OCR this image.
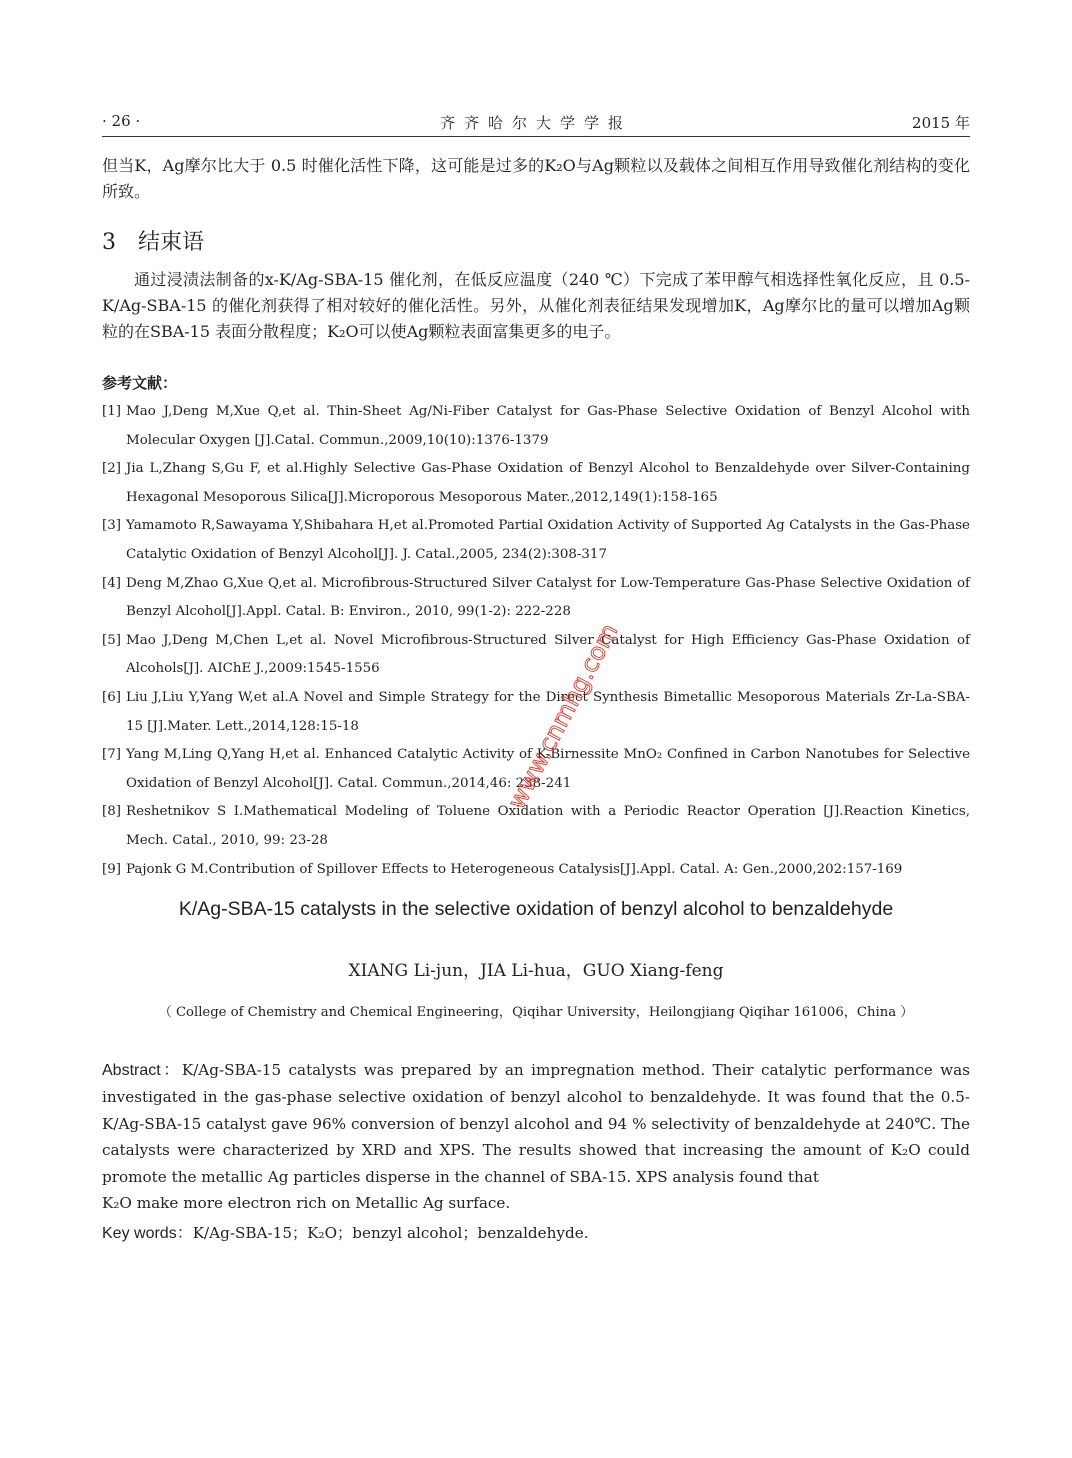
· 26 ·	齐齐哈尔大学学报	2015 年

但当K，Ag摩尔比大于 0.5 时催化活性下降，这可能是过多的K₂O与Ag颗粒以及载体之间相互作用导致催化剂结构的变化所致。

3 结束语

通过浸渍法制备的x-K/Ag-SBA-15 催化剂，在低反应温度（240 ℃）下完成了苯甲醇气相选择性氧化反应，且 0.5-K/Ag-SBA-15 的催化剂获得了相对较好的催化活性。另外，从催化剂表征结果发现增加K，Ag摩尔比的量可以增加Ag颗粒的在SBA-15 表面分散程度；K₂O可以使Ag颗粒表面富集更多的电子。

参考文献：
[1] Mao J,Deng M,Xue Q,et al. Thin-Sheet Ag/Ni-Fiber Catalyst for Gas-Phase Selective Oxidation of Benzyl Alcohol with Molecular Oxygen [J].Catal. Commun.,2009,10(10):1376-1379
[2] Jia L,Zhang S,Gu F, et al.Highly Selective Gas-Phase Oxidation of Benzyl Alcohol to Benzaldehyde over Silver-Containing Hexagonal Mesoporous Silica[J].Microporous Mesoporous Mater.,2012,149(1):158-165
[3] Yamamoto R,Sawayama Y,Shibahara H,et al.Promoted Partial Oxidation Activity of Supported Ag Catalysts in the Gas-Phase Catalytic Oxidation of Benzyl Alcohol[J]. J. Catal.,2005, 234(2):308-317
[4] Deng M,Zhao G,Xue Q,et al. Microfibrous-Structured Silver Catalyst for Low-Temperature Gas-Phase Selective Oxidation of Benzyl Alcohol[J].Appl. Catal. B: Environ., 2010, 99(1-2): 222-228
[5] Mao J,Deng M,Chen L,et al. Novel Microfibrous-Structured Silver Catalyst for High Efficiency Gas-Phase Oxidation of Alcohols[J]. AIChE J.,2009:1545-1556
[6] Liu J,Liu Y,Yang W,et al.A Novel and Simple Strategy for the Direct Synthesis Bimetallic Mesoporous Materials Zr-La-SBA-15 [J].Mater. Lett.,2014,128:15-18
[7] Yang M,Ling Q,Yang H,et al. Enhanced Catalytic Activity of K-Birnessite MnO₂ Confined in Carbon Nanotubes for Selective Oxidation of Benzyl Alcohol[J]. Catal. Commun.,2014,46: 238-241
[8] Reshetnikov S I.Mathematical Modeling of Toluene Oxidation with a Periodic Reactor Operation [J].Reaction Kinetics, Mech. Catal., 2010, 99: 23-28
[9] Pajonk G M.Contribution of Spillover Effects to Heterogeneous Catalysis[J].Appl. Catal. A: Gen.,2000,202:157-169
K/Ag-SBA-15 catalysts in the selective oxidation of benzyl alcohol to benzaldehyde
XIANG Li-jun，JIA Li-hua，GUO Xiang-feng
（ College of Chemistry and Chemical Engineering，Qiqihar University，Heilongjiang Qiqihar 161006，China ）

Abstract：K/Ag-SBA-15 catalysts was prepared by an impregnation method. Their catalytic performance was investigated in the gas-phase selective oxidation of benzyl alcohol to benzaldehyde. It was found that the 0.5-K/Ag-SBA-15 catalyst gave 96% conversion of benzyl alcohol and 94 % selectivity of benzaldehyde at 240℃. The catalysts were characterized by XRD and XPS. The results showed that increasing the amount of K₂O could promote the metallic Ag particles disperse in the channel of SBA-15. XPS analysis found that

K₂O make more electron rich on Metallic Ag surface.

Key words：K/Ag-SBA-15；K₂O；benzyl alcohol；benzaldehyde.
www.cnmhg.com
